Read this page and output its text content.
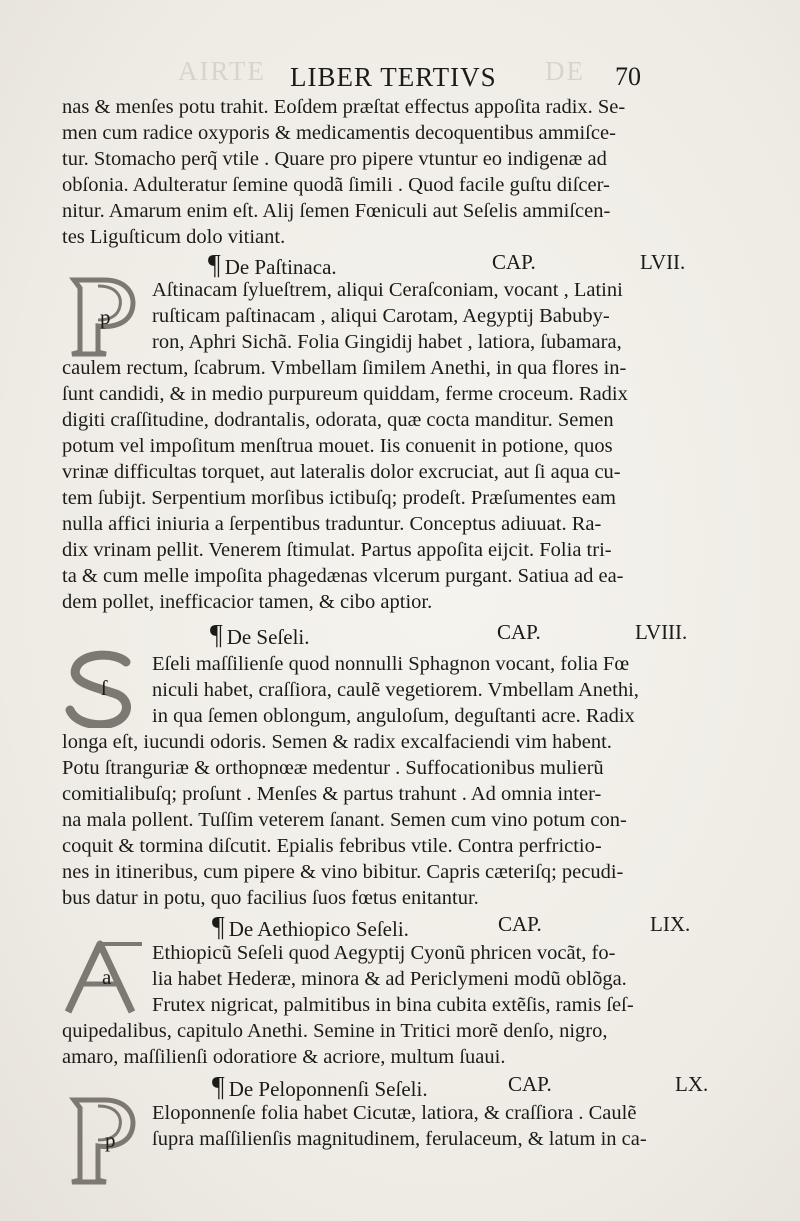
AIRTE	DE
LIBER TERTIVS	70
nas & menſes potu trahit. Eoſdem præſtat effectus appoſita radix. Se-
men cum radice oxyporis & medicamentis decoquentibus ammiſce-
tur. Stomacho perq̃ vtile . Quare pro pipere vtuntur eo indigenæ ad
obſonia. Adulteratur ſemine quodã ſimili . Quod facile guſtu diſcer-
nitur. Amarum enim eſt. Alij ſemen Fœniculi aut Seſelis ammiſcen-
tes Liguſticum dolo vitiant.
¶ De Paſtinaca.	CAP.	LVII.
p
Aſtinacam ſylueſtrem, aliqui Ceraſconiam, vocant , Latini
ruſticam paſtinacam , aliqui Carotam, Aegyptij Babuby-
ron, Aphri Sichã. Folia Gingidij habet , latiora, ſubamara,
caulem rectum, ſcabrum. Vmbellam ſimilem Anethi, in qua flores in-
ſunt candidi, & in medio purpureum quiddam, ferme croceum. Radix
digiti craſſitudine, dodrantalis, odorata, quæ cocta manditur. Semen
potum vel impoſitum menſtrua mouet. Iis conuenit in potione, quos
vrinæ difficultas torquet, aut lateralis dolor excruciat, aut ſi aqua cu-
tem ſubijt. Serpentium morſibus ictibuſq; prodeſt. Præſumentes eam
nulla affici iniuria a ſerpentibus traduntur. Conceptus adiuuat. Ra-
dix vrinam pellit. Venerem ſtimulat. Partus appoſita eijcit. Folia tri-
ta & cum melle impoſita phagedænas vlcerum purgant. Satiua ad ea-
dem pollet, inefficacior tamen, & cibo aptior.
¶ De Seſeli.	CAP.	LVIII.
ſ
Eſeli maſſilienſe quod nonnulli Sphagnon vocant, folia Fœ
niculi habet, craſſiora, caulẽ vegetiorem. Vmbellam Anethi,
in qua ſemen oblongum, anguloſum, deguſtanti acre. Radix
longa eſt, iucundi odoris. Semen & radix excalfaciendi vim habent.
Potu ſtranguriæ & orthopnœæ medentur . Suffocationibus mulierũ
comitialibuſq; proſunt . Menſes & partus trahunt . Ad omnia inter-
na mala pollent. Tuſſim veterem ſanant. Semen cum vino potum con-
coquit & tormina diſcutit. Epialis febribus vtile. Contra perfrictio-
nes in itineribus, cum pipere & vino bibitur. Capris cæteriſq; pecudi-
bus datur in potu, quo facilius ſuos fœtus enitantur.
¶ De Aethiopico Seſeli.	CAP.	LIX.
a
Ethiopicũ Seſeli quod Aegyptij Cyonũ phricen vocãt, fo-
lia habet Hederæ, minora & ad Periclymeni modũ oblõga.
Frutex nigricat, palmitibus in bina cubita extẽſis, ramis ſeſ-
quipedalibus, capitulo Anethi. Semine in Tritici morẽ denſo, nigro,
amaro, maſſilienſi odoratiore & acriore, multum ſuaui.
¶ De Peloponnenſi Seſeli.	CAP.	LX.
p
Eloponnenſe folia habet Cicutæ, latiora, & craſſiora . Caulẽ
ſupra maſſilienſis magnitudinem, ferulaceum, & latum in ca-
